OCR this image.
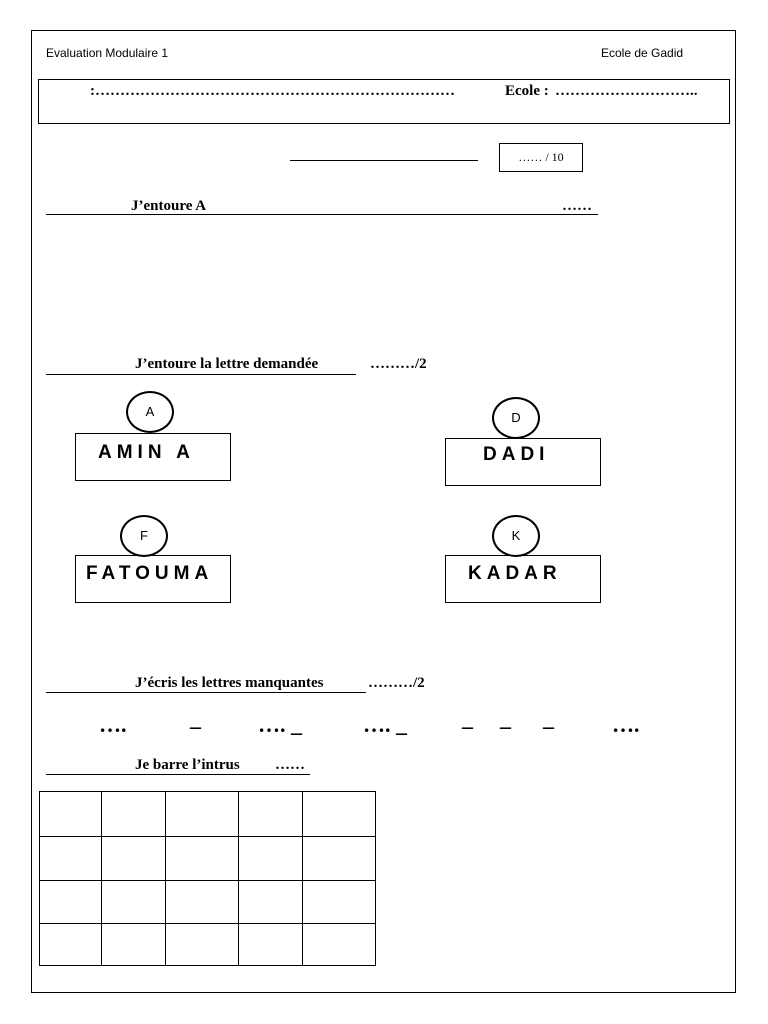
Evaluation Modulaire 1	Ecole de Gadid
:………………………………………………………………	Ecole : ………………………..
…… / 10
J’entoure A	……
J’entoure la lettre demandée	………/2
AMIN A	DADI
FATOUMA	KADAR
A	D
F	K
J’écris les lettres manquantes	………/2
….	_	…. _	…. _	_ _ _	….
Je barre l’intrus ……
